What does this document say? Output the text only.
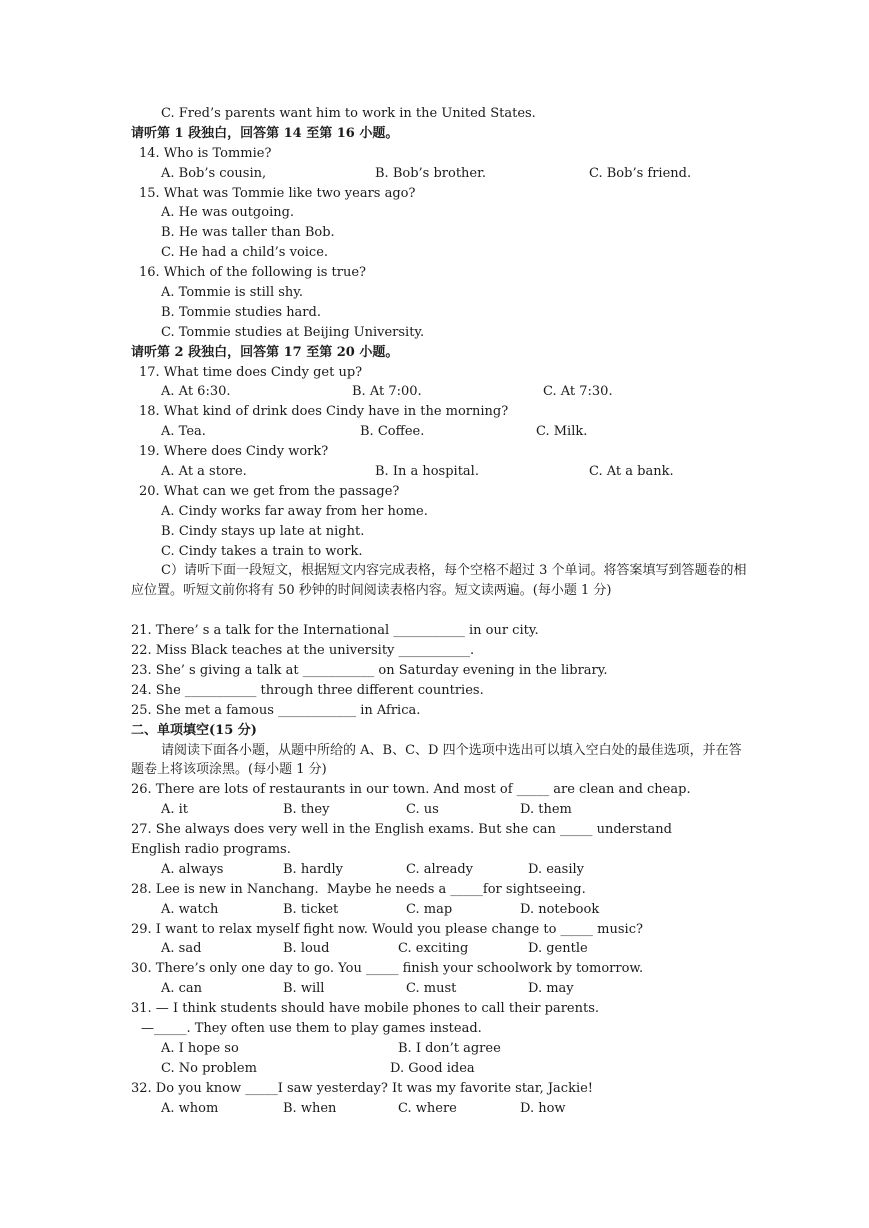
C. Fred’s parents want him to work in the United States.
请听第 1 段独白，回答第 14 至第 16 小题。
14. Who is Tommie?

A. Bob’s cousin,

	B. Bob’s brother.

	C. Bob’s friend.

15. What was Tommie like two years ago?
A. He was outgoing.
B. He was taller than Bob.
C. He had a child’s voice.
16. Which of the following is true?
A. Tommie is still shy.
B. Tommie studies hard.
C. Tommie studies at Beijing University.
请听第 2 段独白，回答第 17 至第 20 小题。
17. What time does Cindy get up?

A. At 6:30.

	B. At 7:00.

	C. At 7:30.

18. What kind of drink does Cindy have in the morning?

A. Tea.

	B. Coffee.

	C. Milk.

19. Where does Cindy work?

A. At a store.

	B. In a hospital.

	C. At a bank.

20. What can we get from the passage?
A. Cindy works far away from her home.
B. Cindy stays up late at night.
C. Cindy takes a train to work.
C）请听下面一段短文，根据短文内容完成表格，每个空格不超过 3 个单词。将答案填写到答题卷的相应位置。听短文前你将有 50 秒钟的时间阅读表格内容。短文读两遍。(每小题 1 分)
21. There’ s a talk for the International ___________ in our city.
22. Miss Black teaches at the university ___________.
23. She’ s giving a talk at ___________ on Saturday evening in the library.
24. She ___________ through three different countries.
25. She met a famous ____________ in Africa.
二、单项填空(15 分)
请阅读下面各小题，从题中所给的 A、B、C、D 四个选项中选出可以填入空白处的最佳选项，并在答题卷上将该项涂黑。(每小题 1 分)
26. There are lots of restaurants in our town. And most of _____ are clean and cheap.

A. it

	B. they

	C. us

	D. them

27. She always does very well in the English exams. But she can _____ understand
English radio programs.

A. always

	B. hardly

	C. already

	D. easily

28. Lee is new in Nanchang.  Maybe he needs a _____for sightseeing.

A. watch

	B. ticket

	C. map

	D. notebook

29. I want to relax myself fight now. Would you please change to _____ music?

A. sad

	B. loud

	C. exciting

	D. gentle

30. There’s only one day to go. You _____ finish your schoolwork by tomorrow.

A. can

	B. will

	C. must

	D. may

31. — I think students should have mobile phones to call their parents.
—_____. They often use them to play games instead.

A. I hope so

	B. I don’t agree

C. No problem

	D. Good idea

32. Do you know _____I saw yesterday? It was my favorite star, Jackie!

A. whom

	B. when

	C. where

	D. how
